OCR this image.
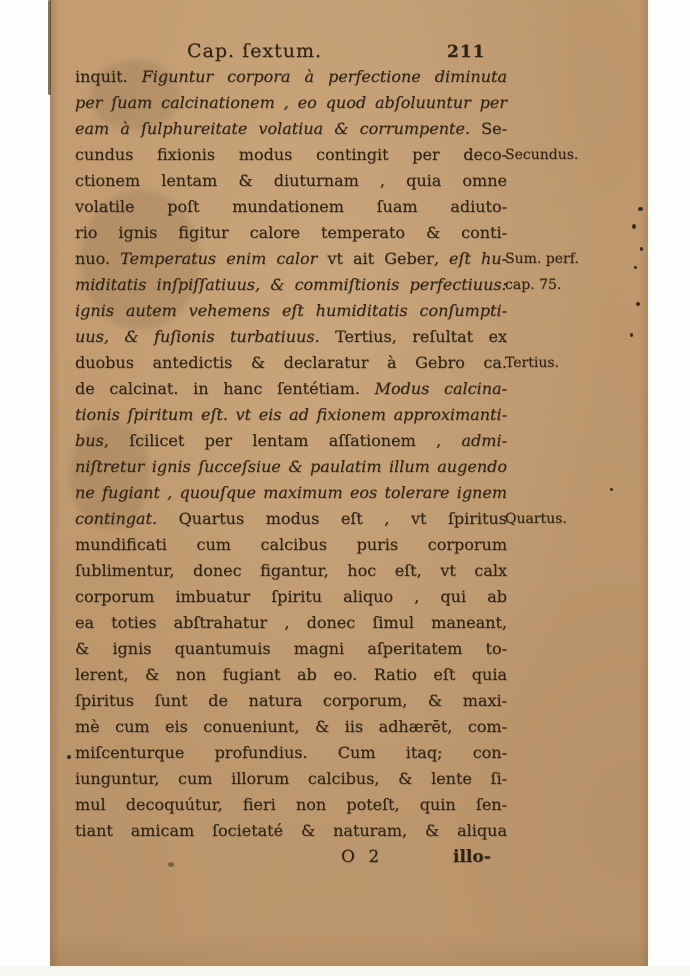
Cap. ſextum.	211
inquit. Figuntur corpora à perfectione diminuta
per ſuam calcinationem , eo quod abſoluuntur per
eam à ſulphureitate volatiua & corrumpente. Se-
cundus fixionis modus contingit per deco-
Secundus.
ctionem lentam & diuturnam , quia omne
volatile poſt mundationem ſuam adiuto-
rio ignis figitur calore temperato & conti-
nuo. Temperatus enim calor vt ait Geber, eſt hu-
Sum. perf.
miditatis inſpiſſatiuus, & commiſtionis perfectiuus:
cap. 75.
ignis autem vehemens eſt humiditatis conſumpti-
uus, & fuſionis turbatiuus. Tertius, reſultat ex
duobus antedictis & declaratur à Gebro ca.
Tertius.
de calcinat. in hanc ſentétiam. Modus calcina-
tionis ſpiritum eſt. vt eis ad fixionem approximanti-
bus, ſcilicet per lentam aſſationem , admi-
niſtretur ignis ſucceſsiue & paulatim illum augendo
ne fugiant , quouſque maximum eos tolerare ignem
contingat. Quartus modus eſt , vt ſpiritus
Quartus.
mundificati cum calcibus puris corporum
ſublimentur, donec figantur, hoc eſt, vt calx
corporum imbuatur ſpiritu aliquo , qui ab
ea toties abſtrahatur , donec ſimul maneant,
& ignis quantumuis magni aſperitatem to-
lerent, & non fugiant ab eo. Ratio eſt quia
ſpiritus ſunt de natura corporum, & maxi-
mè cum eis conueniunt, & iis adhærēt, com-
miſcenturque profundius. Cum itaq; con-
iunguntur, cum illorum calcibus, & lente ſi-
mul decoquútur, fieri non poteſt, quin ſen-
tiant amicam ſocietaté & naturam, & aliqua
O 2	illo-
